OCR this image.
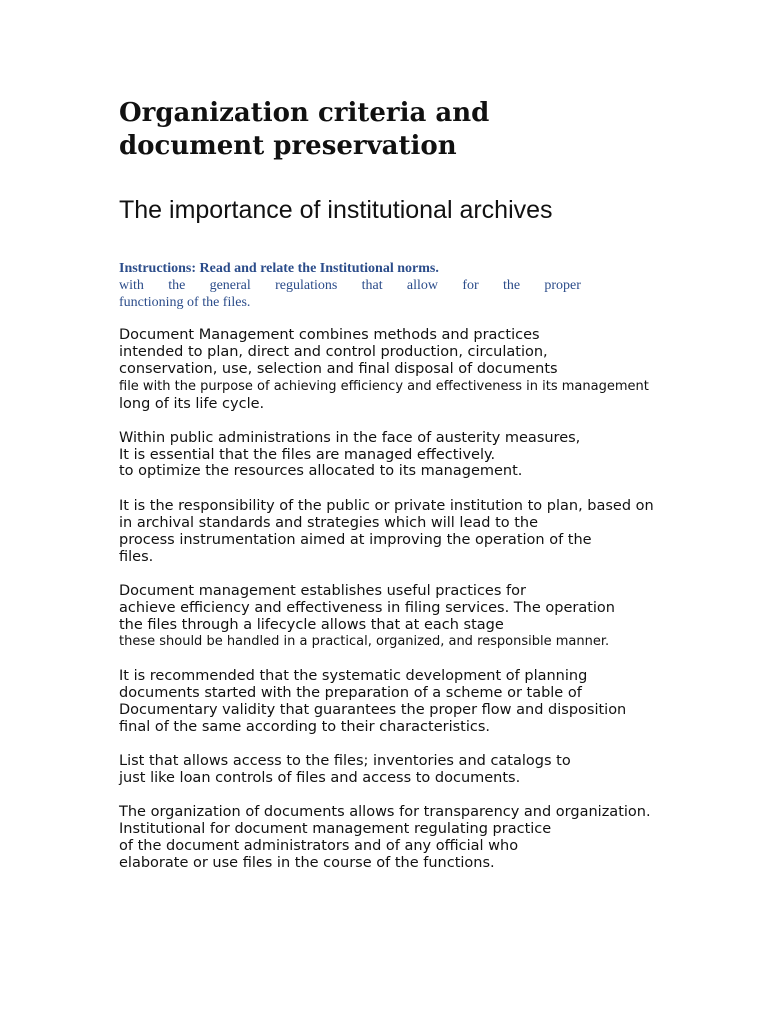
Organization criteria and
document preservation
The importance of institutional archives
Instructions: Read and relate the Institutional norms.
with the general regulations that allow for the proper
functioning of the files.
Document Management combines methods and practices
intended to plan, direct and control production, circulation,
conservation, use, selection and final disposal of documents
file with the purpose of achieving efficiency and effectiveness in its management
long of its life cycle.
Within public administrations in the face of austerity measures,
It is essential that the files are managed effectively.
to optimize the resources allocated to its management.
It is the responsibility of the public or private institution to plan, based on
in archival standards and strategies which will lead to the
process instrumentation aimed at improving the operation of the
files.
Document management establishes useful practices for
achieve efficiency and effectiveness in filing services. The operation
the files through a lifecycle allows that at each stage
these should be handled in a practical, organized, and responsible manner.
It is recommended that the systematic development of planning
documents started with the preparation of a scheme or table of
Documentary validity that guarantees the proper flow and disposition
final of the same according to their characteristics.
List that allows access to the files; inventories and catalogs to
just like loan controls of files and access to documents.
The organization of documents allows for transparency and organization.
Institutional for document management regulating practice
of the document administrators and of any official who
elaborate or use files in the course of the functions.
